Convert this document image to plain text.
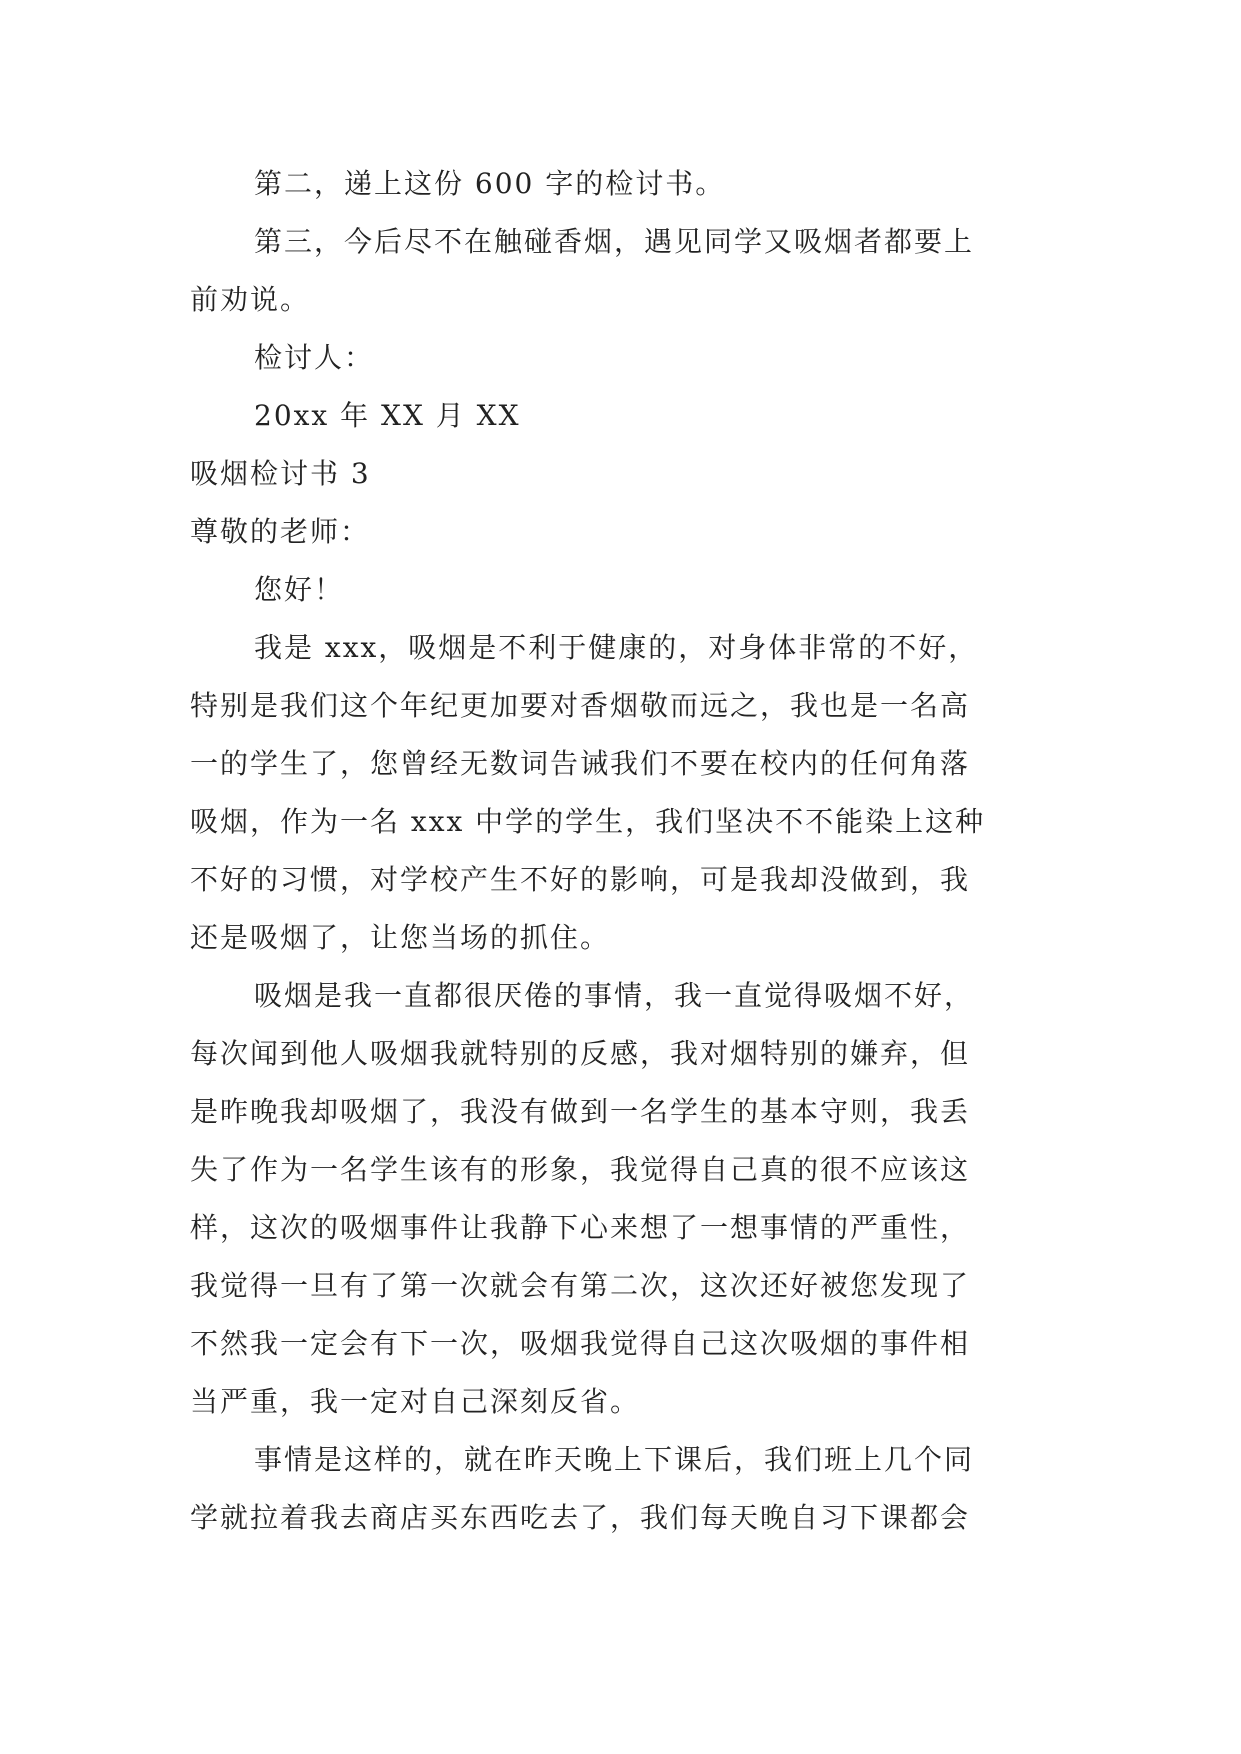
第二，递上这份 600 字的检讨书。
第三，今后尽不在触碰香烟，遇见同学又吸烟者都要上
前劝说。
检讨人：
20xx 年 XX 月 XX
吸烟检讨书 3
尊敬的老师：
您好！
我是 xxx，吸烟是不利于健康的，对身体非常的不好，
特别是我们这个年纪更加要对香烟敬而远之，我也是一名高
一的学生了，您曾经无数词告诫我们不要在校内的任何角落
吸烟，作为一名 xxx 中学的学生，我们坚决不不能染上这种
不好的习惯，对学校产生不好的影响，可是我却没做到，我
还是吸烟了，让您当场的抓住。
吸烟是我一直都很厌倦的事情，我一直觉得吸烟不好，
每次闻到他人吸烟我就特别的反感，我对烟特别的嫌弃，但
是昨晚我却吸烟了，我没有做到一名学生的基本守则，我丢
失了作为一名学生该有的形象，我觉得自己真的很不应该这
样，这次的吸烟事件让我静下心来想了一想事情的严重性，
我觉得一旦有了第一次就会有第二次，这次还好被您发现了
不然我一定会有下一次，吸烟我觉得自己这次吸烟的事件相
当严重，我一定对自己深刻反省。
事情是这样的，就在昨天晚上下课后，我们班上几个同
学就拉着我去商店买东西吃去了，我们每天晚自习下课都会
